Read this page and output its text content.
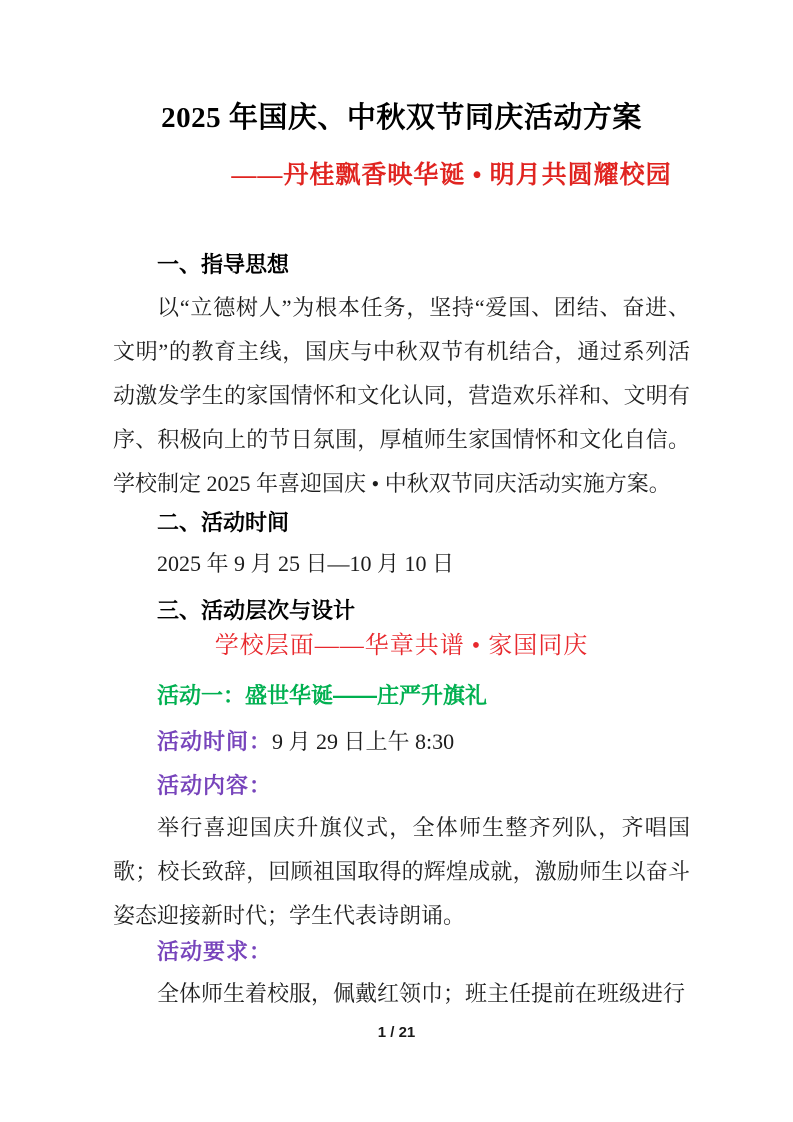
2025 年国庆、中秋双节同庆活动方案
——丹桂飘香映华诞 • 明月共圆耀校园
一、指导思想
以“立德树人”为根本任务，坚持“爱国、团结、奋进、文明”的教育主线，国庆与中秋双节有机结合，通过系列活动激发学生的家国情怀和文化认同，营造欢乐祥和、文明有序、积极向上的节日氛围，厚植师生家国情怀和文化自信。学校制定 2025 年喜迎国庆 • 中秋双节同庆活动实施方案。
二、活动时间
2025 年 9 月 25 日—10 月 10 日
三、活动层次与设计
学校层面——华章共谱 • 家国同庆
活动一：盛世华诞——庄严升旗礼
活动时间：9 月 29 日上午 8:30
活动内容：
举行喜迎国庆升旗仪式，全体师生整齐列队，齐唱国歌；校长致辞，回顾祖国取得的辉煌成就，激励师生以奋斗姿态迎接新时代；学生代表诗朗诵。
活动要求：
全体师生着校服，佩戴红领巾；班主任提前在班级进行
1 / 21
